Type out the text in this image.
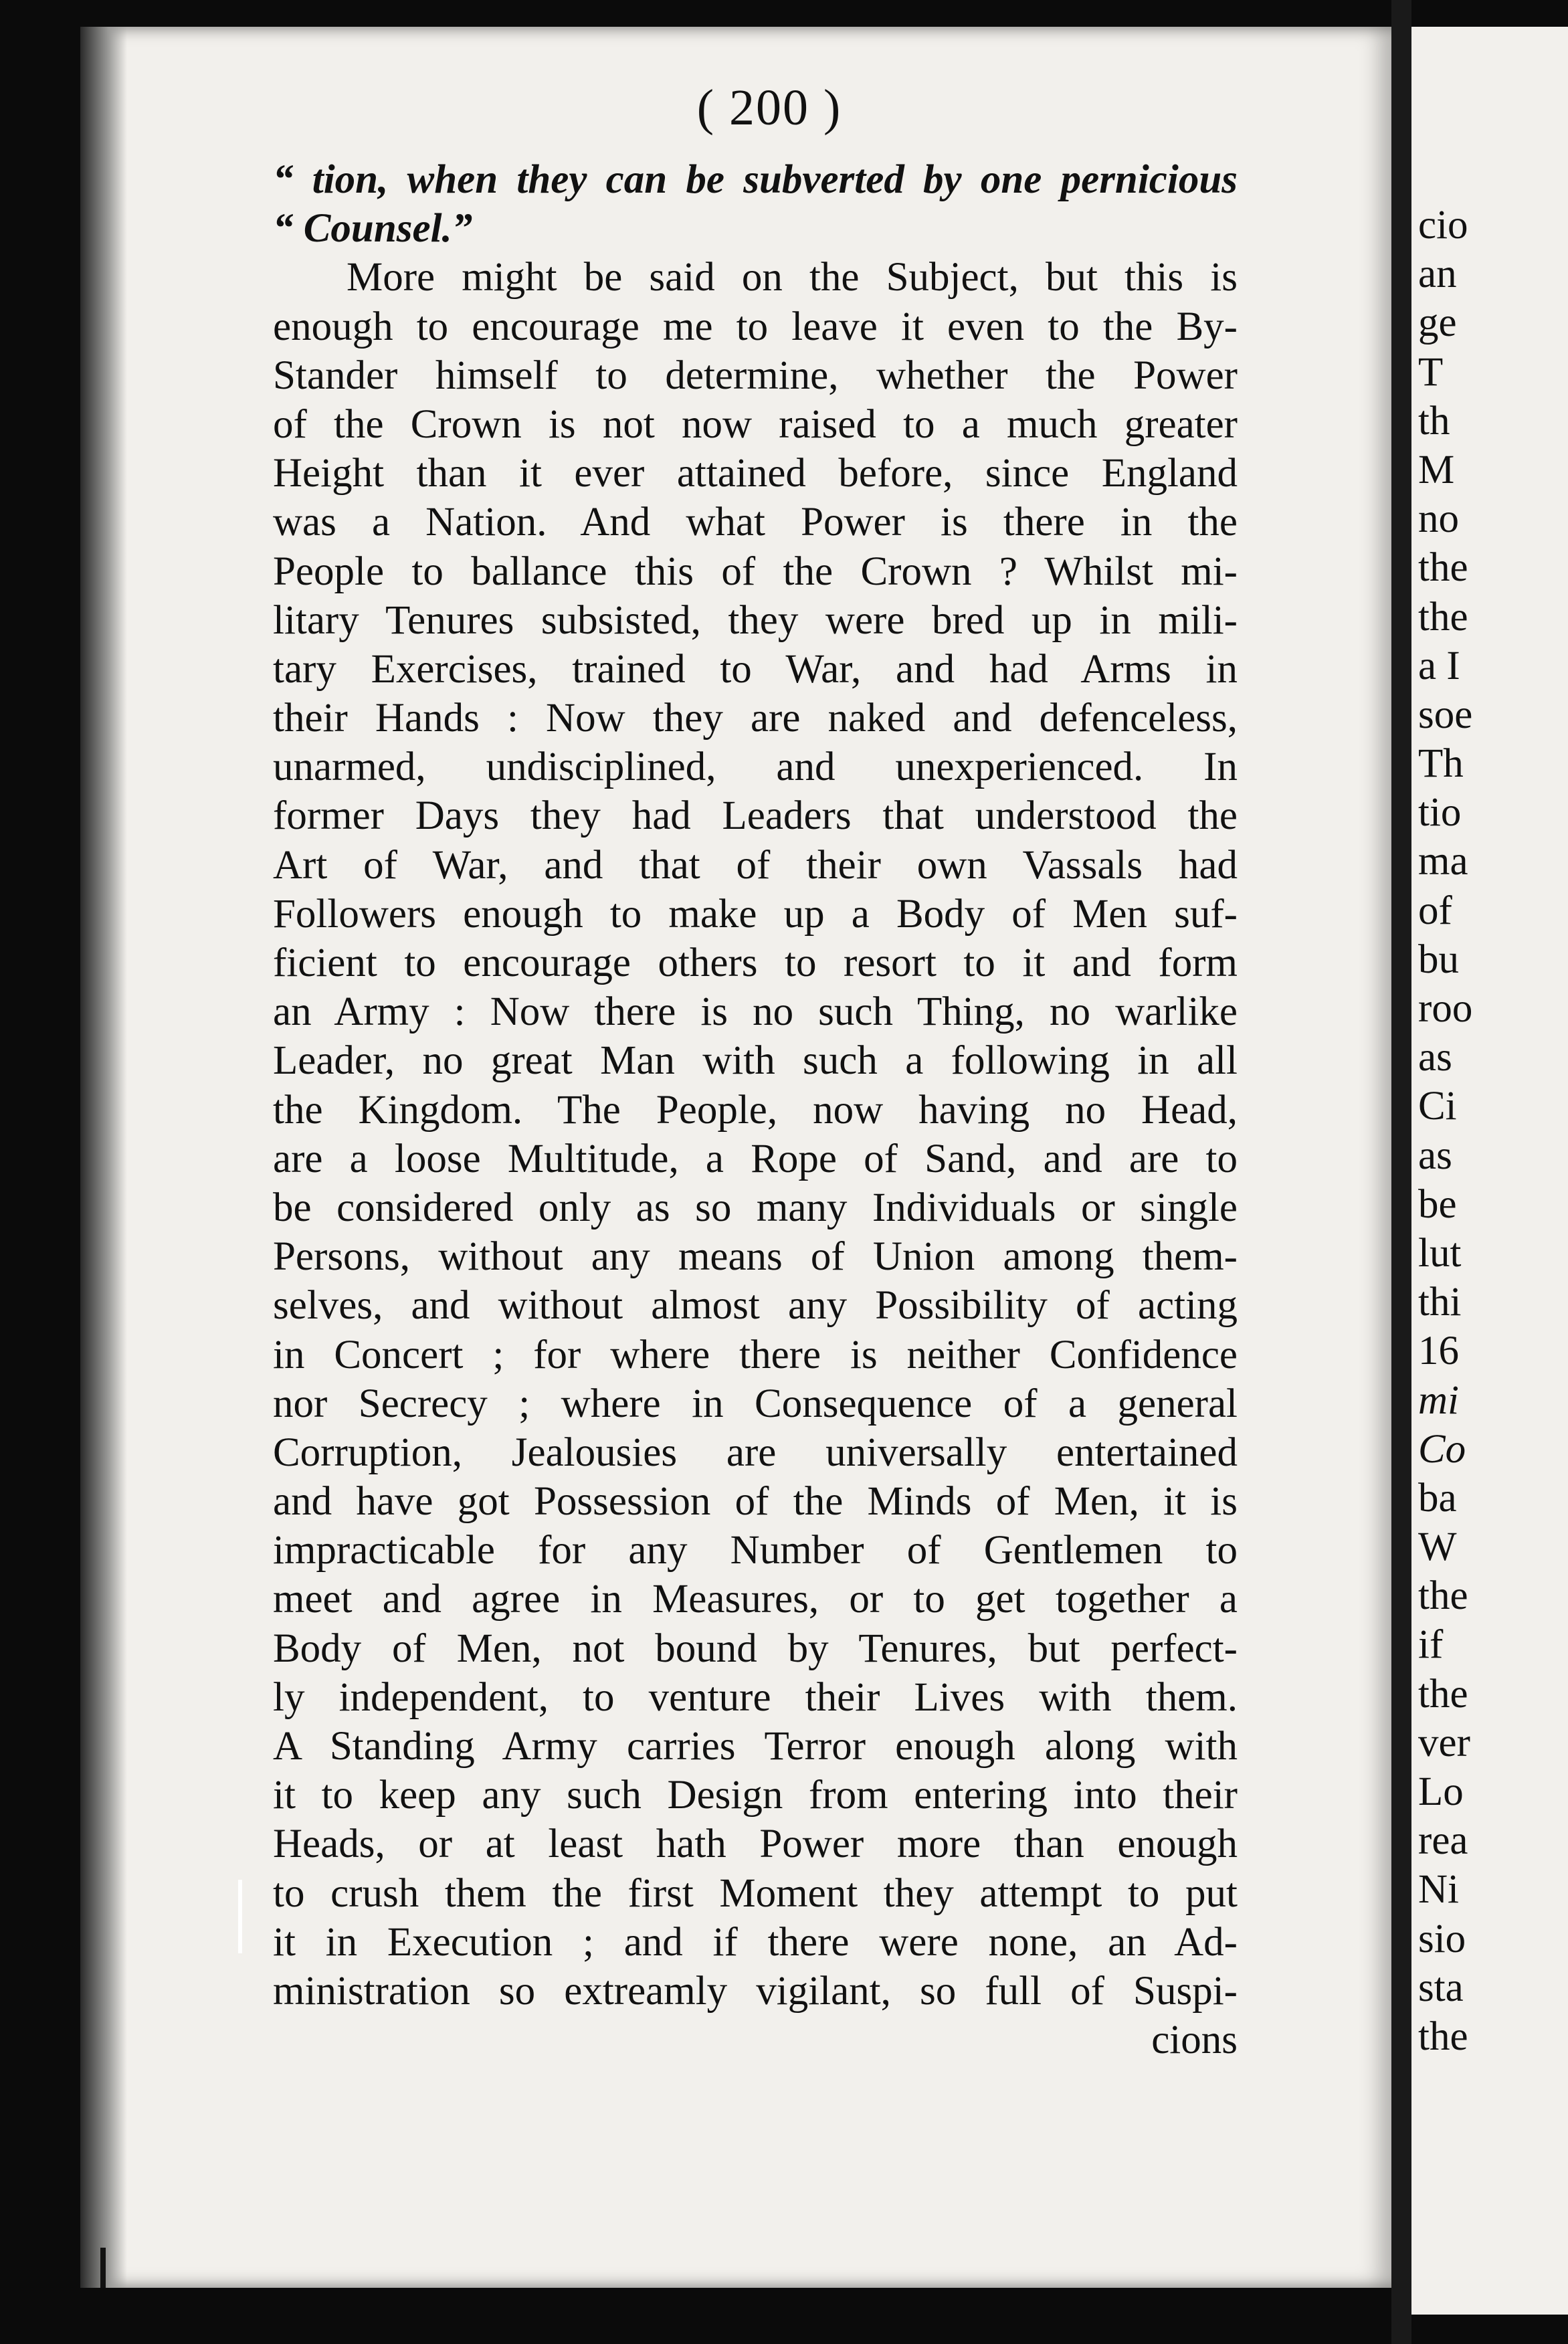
( 200 )
“ tion, when they can be subverted by one pernicious
“ Counsel.”
More might be said on the Subject, but this is
enough to encourage me to leave it even to the By-
Stander himself to determine, whether the Power
of the Crown is not now raised to a much greater
Height than it ever attained before, since England
was a Nation. And what Power is there in the
People to ballance this of the Crown ? Whilst mi-
litary Tenures subsisted, they were bred up in mili-
tary Exercises, trained to War, and had Arms in
their Hands : Now they are naked and defenceless,
unarmed, undisciplined, and unexperienced. In
former Days they had Leaders that understood the
Art of War, and that of their own Vassals had
Followers enough to make up a Body of Men suf-
ficient to encourage others to resort to it and form
an Army : Now there is no such Thing, no warlike
Leader, no great Man with such a following in all
the Kingdom. The People, now having no Head,
are a loose Multitude, a Rope of Sand, and are to
be considered only as so many Individuals or single
Persons, without any means of Union among them-
selves, and without almost any Possibility of acting
in Concert ; for where there is neither Confidence
nor Secrecy ; where in Consequence of a general
Corruption, Jealousies are universally entertained
and have got Possession of the Minds of Men, it is
impracticable for any Number of Gentlemen to
meet and agree in Measures, or to get together a
Body of Men, not bound by Tenures, but perfect-
ly independent, to venture their Lives with them.
A Standing Army carries Terror enough along with
it to keep any such Design from entering into their
Heads, or at least hath Power more than enough
to crush them the first Moment they attempt to put
it in Execution ; and if there were none, an Ad-
ministration so extreamly vigilant, so full of Suspi-
cions
cio
an
ge
T
th
M
no
the
the
a I
soe
Th
tio
ma
of
bu
roo
as
Ci
as
be
lut
thi
16
mi
Co
ba
W
the
if
the
ver
Lo
rea
Ni
sio
sta
the
